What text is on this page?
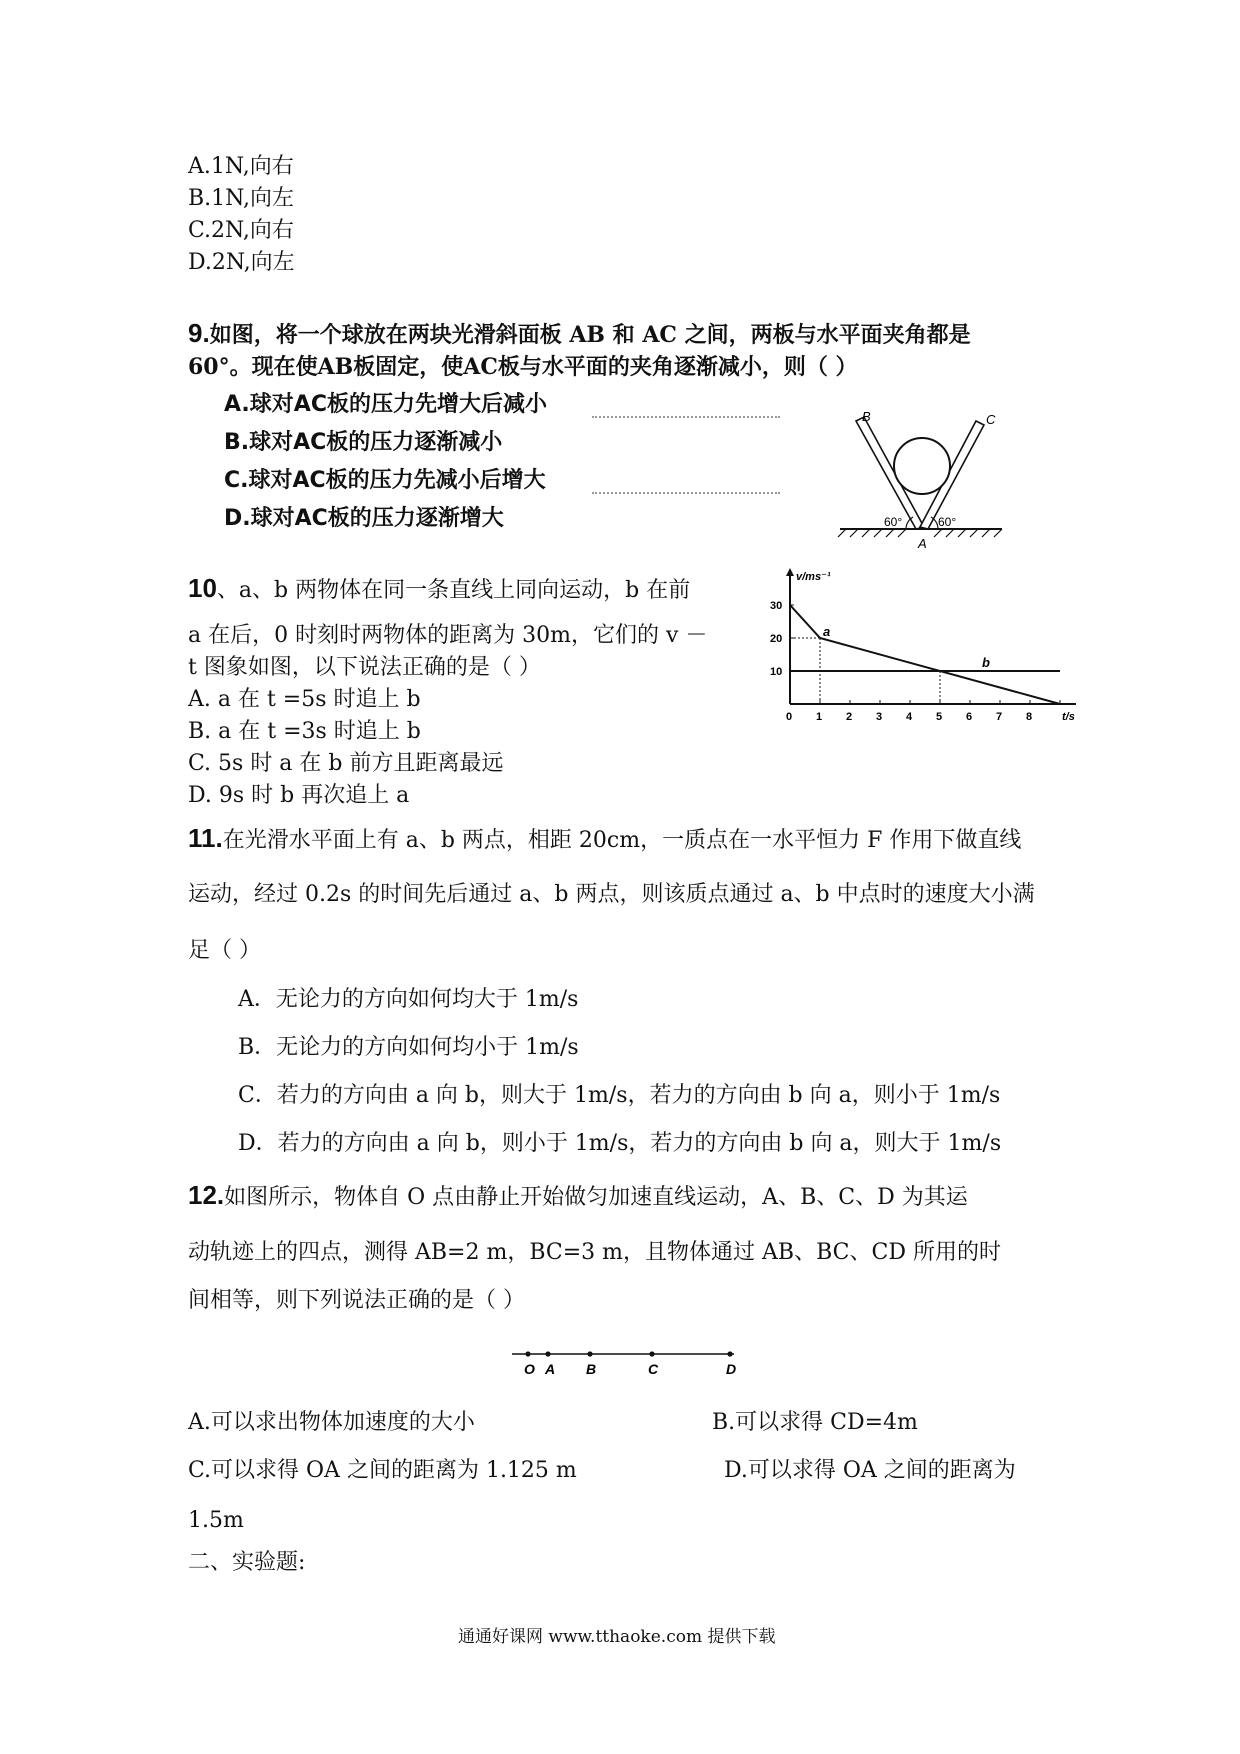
A.1N,向右
B.1N,向左
C.2N,向右
D.2N,向左
9.如图，将一个球放在两块光滑斜面板 AB 和 AC 之间，两板与水平面夹角都是
60°。现在使AB板固定，使AC板与水平面的夹角逐渐减小，则（ ）
A.球对AC板的压力先增大后减小
B.球对AC板的压力逐渐减小
C.球对AC板的压力先减小后增大
D.球对AC板的压力逐渐增大
B	C
60°	60°
A
10、a、b 两物体在同一条直线上同向运动，b 在前
a 在后，0 时刻时两物体的距离为 30m，它们的 v －
t 图象如图，以下说法正确的是（ ）
A. a 在 t =5s 时追上 b
B. a 在 t =3s 时追上 b
C. 5s 时 a 在 b 前方且距离最远
D. 9s 时 b 再次追上 a
v/ms⁻¹
t/s
0 1 2 3 4 5 6 7 8
10
20
30
a
b
11.在光滑水平面上有 a、b 两点，相距 20cm，一质点在一水平恒力 F 作用下做直线
运动，经过 0.2s 的时间先后通过 a、b 两点，则该质点通过 a、b 中点时的速度大小满
足（ ）
A．无论力的方向如何均大于 1m/s
B．无论力的方向如何均小于 1m/s
C．若力的方向由 a 向 b，则大于 1m/s，若力的方向由 b 向 a，则小于 1m/s
D．若力的方向由 a 向 b，则小于 1m/s，若力的方向由 b 向 a，则大于 1m/s
12.如图所示，物体自 O 点由静止开始做匀加速直线运动，A、B、C、D 为其运
动轨迹上的四点，测得 AB=2 m，BC=3 m，且物体通过 AB、BC、CD 所用的时
间相等，则下列说法正确的是（ ）
O A B	C	D
A.可以求出物体加速度的大小	B.可以求得 CD=4m
C.可以求得 OA 之间的距离为 1.125 m	D.可以求得 OA 之间的距离为
1.5m
二、实验题:
通通好课网 www.tthaoke.com 提供下载
